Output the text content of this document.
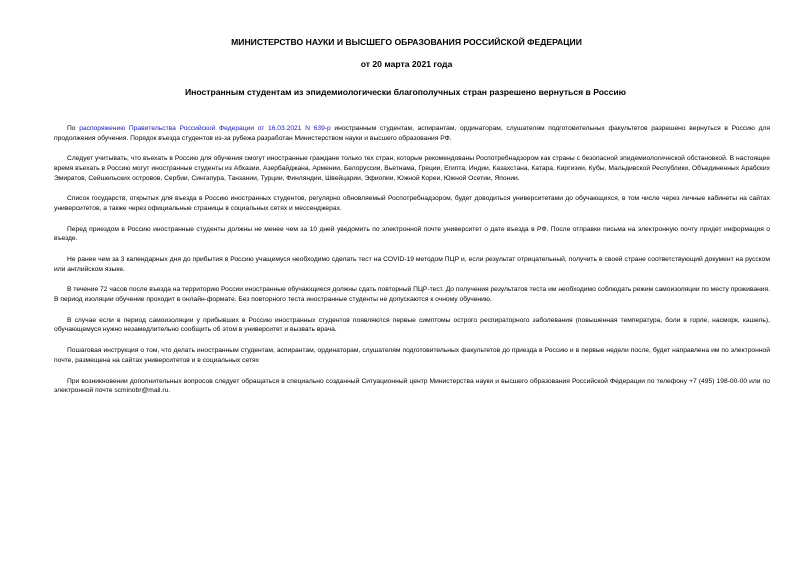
МИНИСТЕРСТВО НАУКИ И ВЫСШЕГО ОБРАЗОВАНИЯ РОССИЙСКОЙ ФЕДЕРАЦИИ
от 20 марта 2021 года
Иностранным студентам из эпидемиологически благополучных стран разрешено вернуться в Россию

По распоряжению Правительства Российской Федерации от 16.03.2021 N 639-р иностранным студентам, аспирантам, ординаторам, слушателям подготовительных факультетов разрешено вернуться в Россию для продолжения обучения. Порядок въезда студентов из-за рубежа разработан Министерством науки и высшего образования РФ.

Следует учитывать, что въехать в Россию для обучения смогут иностранные граждане только тех стран, которые рекомендованы Роспотребнадзором как страны с безопасной эпидемиологической обстановкой. В настоящее время въехать в Россию могут иностранные студенты из Абхазии, Азербайджана, Армении, Белоруссии, Вьетнама, Греции, Египта, Индии, Казахстана, Катара, Киргизии, Кубы, Мальдивской Республики, Объединенных Арабских Эмиратов, Сейшельских островов, Сербии, Сингапура, Танзании, Турции, Финляндии, Швейцарии, Эфиопии, Южной Кореи, Южной Осетии, Японии.

Список государств, открытых для въезда в Россию иностранных студентов, регулярно обновляемый Роспотребнадзором, будет доводиться университетами до обучающихся, в том числе через личные кабинеты на сайтах университетов, а также через официальные страницы в социальных сетях и мессенджерах.

Перед приездом в Россию иностранные студенты должны не менее чем за 10 дней уведомить по электронной почте университет о дате въезда в РФ. После отправки письма на электронную почту придет информация о въезде.

Не ранее чем за 3 календарных дня до прибытия в Россию учащемуся необходимо сделать тест на COVID-19 методом ПЦР и, если результат отрицательный, получить в своей стране соответствующий документ на русском или английском языке.

В течение 72 часов после въезда на территорию России иностранные обучающиеся должны сдать повторный ПЦР-тест. До получения результатов теста им необходимо соблюдать режим самоизоляции по месту проживания. В период изоляции обучение проходит в онлайн-формате. Без повторного теста иностранные студенты не допускаются к очному обучению.

В случае если в период самоизоляции у прибывших в Россию иностранных студентов появляются первые симптомы острого респираторного заболевания (повышенная температура, боли в горле, насморк, кашель), обучающемуся нужно незамедлительно сообщить об этом в университет и вызвать врача.

Пошаговая инструкция о том, что делать иностранным студентам, аспирантам, ординаторам, слушателям подготовительных факультетов до приезда в Россию и в первые недели после, будет направлена им по электронной почте, размещена на сайтах университетов и в социальных сетях

При возникновении дополнительных вопросов следует обращаться в специально созданный Ситуационный центр Министерства науки и высшего образования Российской Федерации по телефону +7 (495) 198-00-00 или по электронной почте scminobr@mail.ru.
